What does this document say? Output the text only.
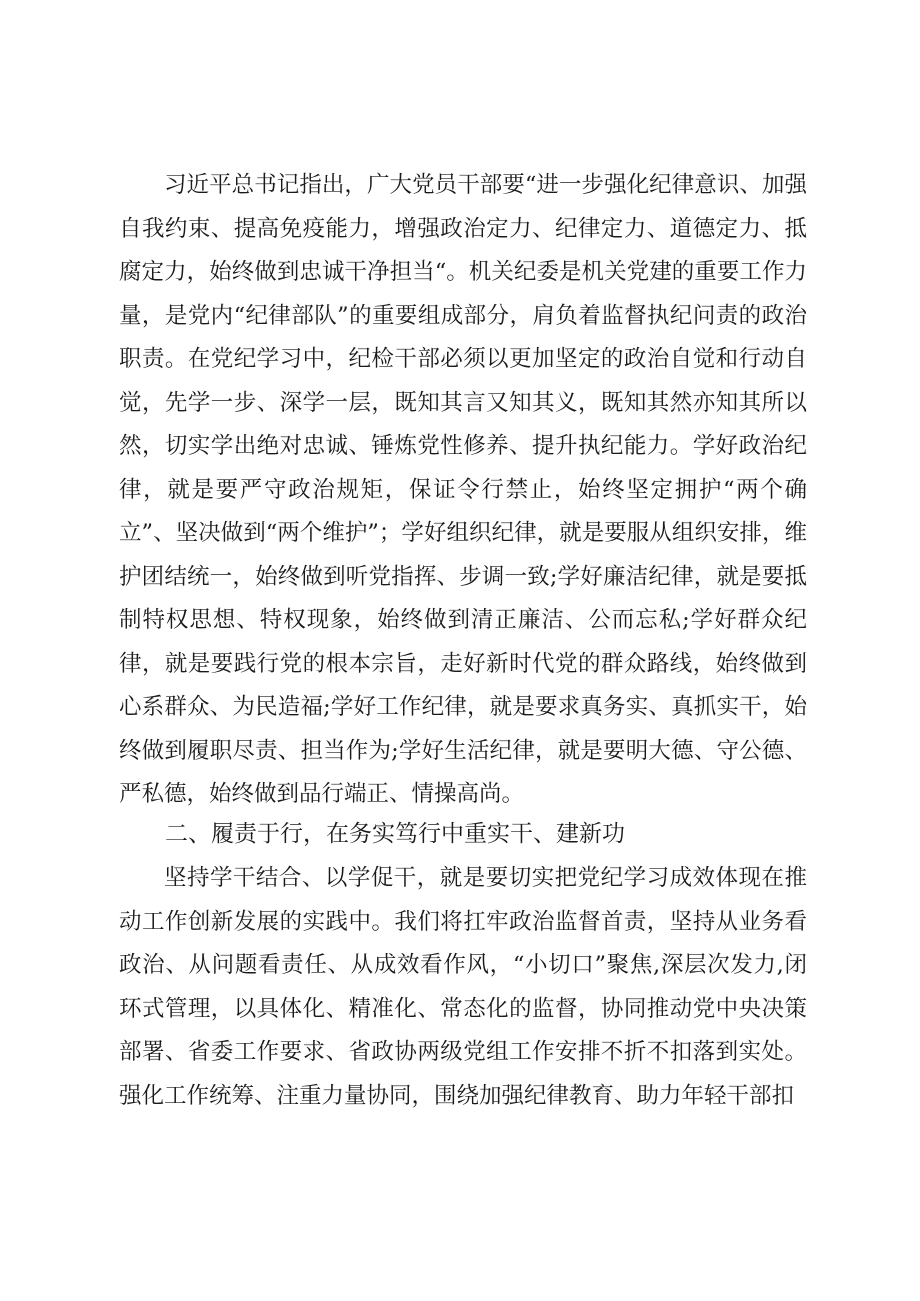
习近平总书记指出，广大党员干部要“进一步强化纪律意识、加强自我约束、提高免疫能力，增强政治定力、纪律定力、道德定力、抵腐定力，始终做到忠诚干净担当“。机关纪委是机关党建的重要工作力量，是党内“纪律部队”的重要组成部分，肩负着监督执纪问责的政治职责。在党纪学习中，纪检干部必须以更加坚定的政治自觉和行动自觉，先学一步、深学一层，既知其言又知其义，既知其然亦知其所以然，切实学出绝对忠诚、锤炼党性修养、提升执纪能力。学好政治纪律，就是要严守政治规矩，保证令行禁止，始终坚定拥护“两个确立”、坚决做到“两个维护”；学好组织纪律，就是要服从组织安排，维护团结统一，始终做到听党指挥、步调一致;学好廉洁纪律，就是要抵制特权思想、特权现象，始终做到清正廉洁、公而忘私;学好群众纪律，就是要践行党的根本宗旨，走好新时代党的群众路线，始终做到心系群众、为民造福;学好工作纪律，就是要求真务实、真抓实干，始终做到履职尽责、担当作为;学好生活纪律，就是要明大德、守公德、严私德，始终做到品行端正、情操高尚。

二、履责于行，在务实笃行中重实干、建新功

坚持学干结合、以学促干，就是要切实把党纪学习成效体现在推动工作创新发展的实践中。我们将扛牢政治监督首责，坚持从业务看政治、从问题看责任、从成效看作风，“小切口”聚焦,深层次发力,闭环式管理，以具体化、精准化、常态化的监督，协同推动党中央决策部署、省委工作要求、省政协两级党组工作安排不折不扣落到实处。强化工作统筹、注重力量协同，围绕加强纪律教育、助力年轻干部扣
